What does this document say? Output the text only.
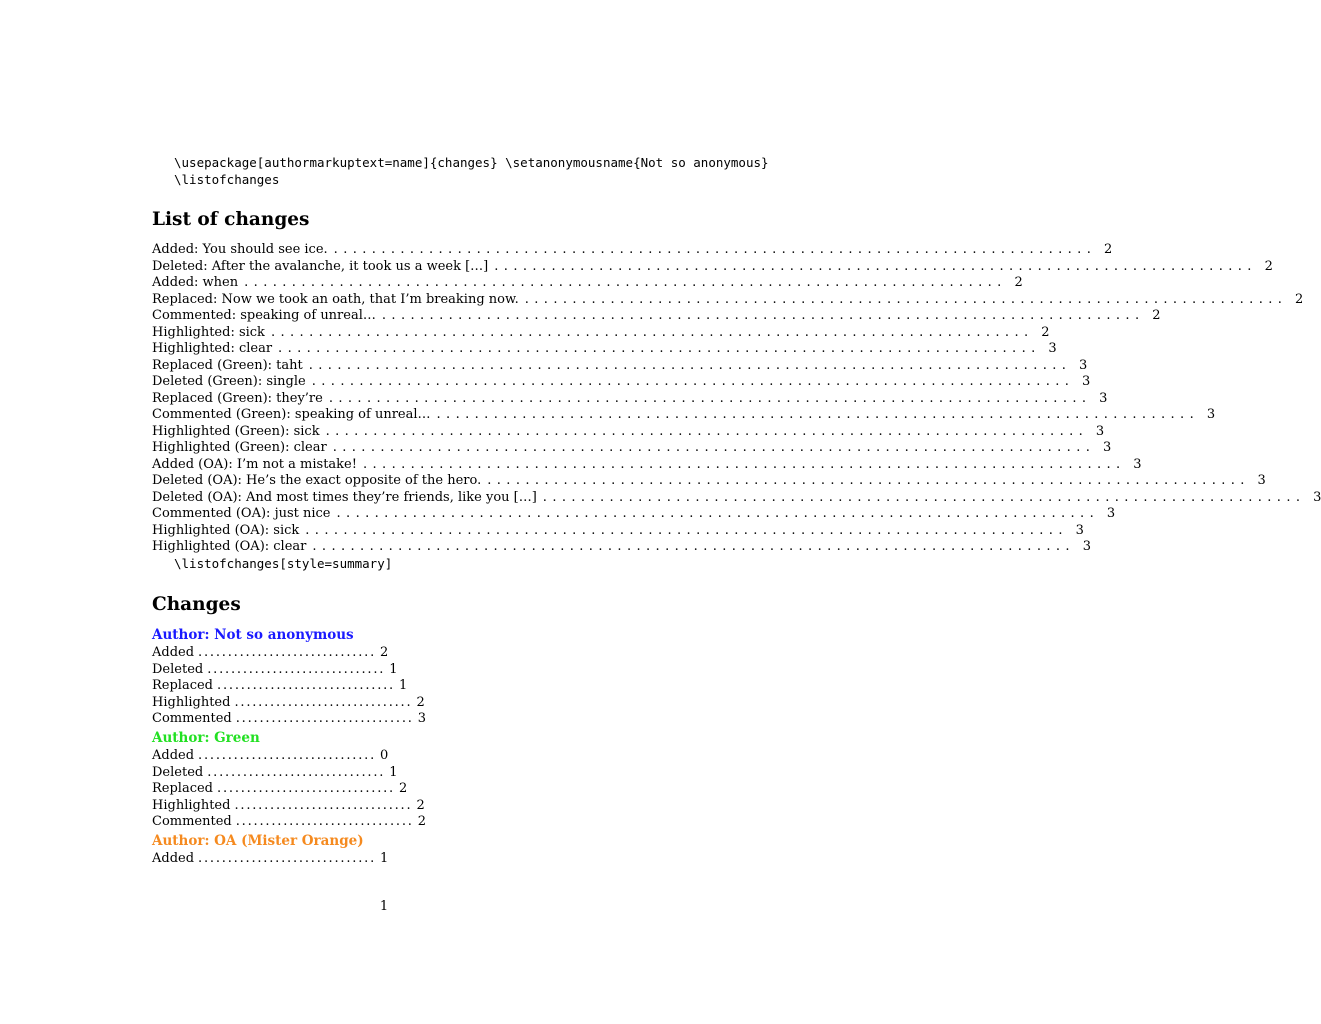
\usepackage[authormarkuptext=name]{changes} \setanonymousname{Not so anonymous}
\listofchanges
List of changes
Added: You should see ice. ................................................................................ 2
Deleted: After the avalanche, it took us a week […] ................................................................................ 2
Added: when ................................................................................ 2
Replaced: Now we took an oath, that I’m breaking now. ................................................................................ 2
Commented: speaking of unreal… ................................................................................ 2
Highlighted: sick ................................................................................ 2
Highlighted: clear ................................................................................ 3
Replaced (Green): taht ................................................................................ 3
Deleted (Green): single ................................................................................ 3
Replaced (Green): they’re ................................................................................ 3
Commented (Green): speaking of unreal… ................................................................................ 3
Highlighted (Green): sick ................................................................................ 3
Highlighted (Green): clear ................................................................................ 3
Added (OA): I’m not a mistake! ................................................................................ 3
Deleted (OA): He’s the exact opposite of the hero. ................................................................................ 3
Deleted (OA): And most times they’re friends, like you […] ................................................................................ 3
Commented (OA): just nice ................................................................................ 3
Highlighted (OA): sick ................................................................................ 3
Highlighted (OA): clear ................................................................................ 3
\listofchanges[style=summary]
Changes
Author: Not so anonymous
Added .............................. 2
Deleted .............................. 1
Replaced .............................. 1
Highlighted .............................. 2
Commented .............................. 3
Author: Green
Added .............................. 0
Deleted .............................. 1
Replaced .............................. 2
Highlighted .............................. 2
Commented .............................. 2
Author: OA (Mister Orange)
Added .............................. 1
1
